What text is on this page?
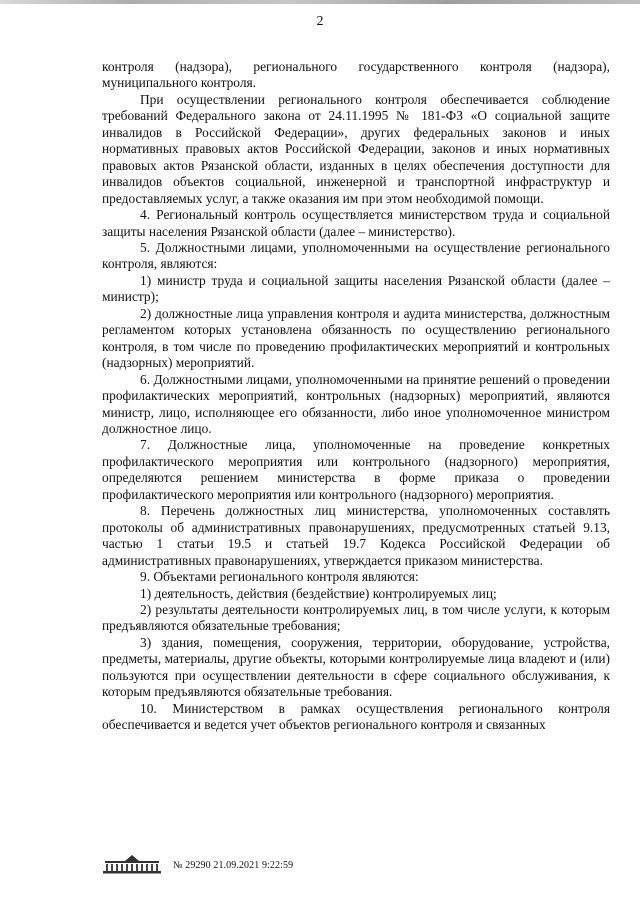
2

контроля (надзора), регионального государственного контроля (надзора), муниципального контроля.

При осуществлении регионального контроля обеспечивается соблюдение требований Федерального закона от 24.11.1995 № 181-ФЗ «О социальной защите инвалидов в Российской Федерации», других федеральных законов и иных нормативных правовых актов Российской Федерации, законов и иных нормативных правовых актов Рязанской области, изданных в целях обеспечения доступности для инвалидов объектов социальной, инженерной и транспортной инфраструктур и предоставляемых услуг, а также оказания им при этом необходимой помощи.

4. Региональный контроль осуществляется министерством труда и социальной защиты населения Рязанской области (далее – министерство).

5. Должностными лицами, уполномоченными на осуществление регионального контроля, являются:

1) министр труда и социальной защиты населения Рязанской области (далее – министр);

2) должностные лица управления контроля и аудита министерства, должностным регламентом которых установлена обязанность по осуществлению регионального контроля, в том числе по проведению профилактических мероприятий и контрольных (надзорных) мероприятий.

6. Должностными лицами, уполномоченными на принятие решений о проведении профилактических мероприятий, контрольных (надзорных) мероприятий, являются министр, лицо, исполняющее его обязанности, либо иное уполномоченное министром должностное лицо.

7. Должностные лица, уполномоченные на проведение конкретных профилактического мероприятия или контрольного (надзорного) мероприятия, определяются решением министерства в форме приказа о проведении профилактического мероприятия или контрольного (надзорного) мероприятия.

8. Перечень должностных лиц министерства, уполномоченных составлять протоколы об административных правонарушениях, предусмотренных статьей 9.13, частью 1 статьи 19.5 и статьей 19.7 Кодекса Российской Федерации об административных правонарушениях, утверждается приказом министерства.

9. Объектами регионального контроля являются:

1) деятельность, действия (бездействие) контролируемых лиц;

2) результаты деятельности контролируемых лиц, в том числе услуги, к которым предъявляются обязательные требования;

3) здания, помещения, сооружения, территории, оборудование, устройства, предметы, материалы, другие объекты, которыми контролируемые лица владеют и (или) пользуются при осуществлении деятельности в сфере социального обслуживания, к которым предъявляются обязательные требования.

10. Министерством в рамках осуществления регионального контроля обеспечивается и ведется учет объектов регионального контроля и связанных

№ 29290 21.09.2021 9:22:59
